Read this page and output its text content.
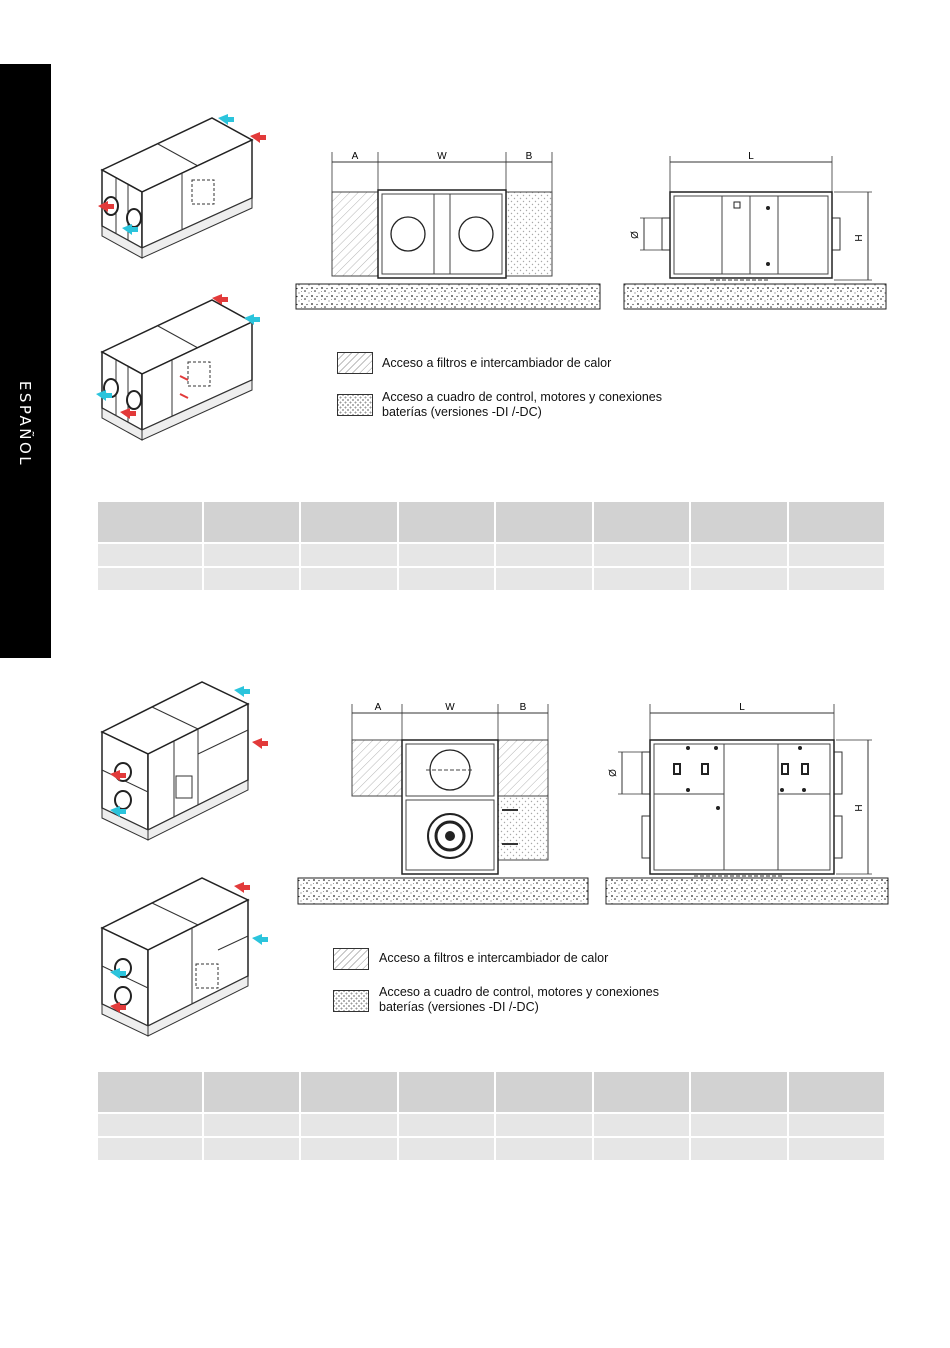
ESPAÑOL
A	W	B	L
H
Ø
Acceso a filtros e intercambiador de calor
Acceso a cuadro de control, motores y conexiones baterías (versiones -DI /-DC)

A	W	B	L
H
Ø
Acceso a filtros e intercambiador de calor
Acceso a cuadro de control, motores y conexiones baterías (versiones -DI /-DC)
